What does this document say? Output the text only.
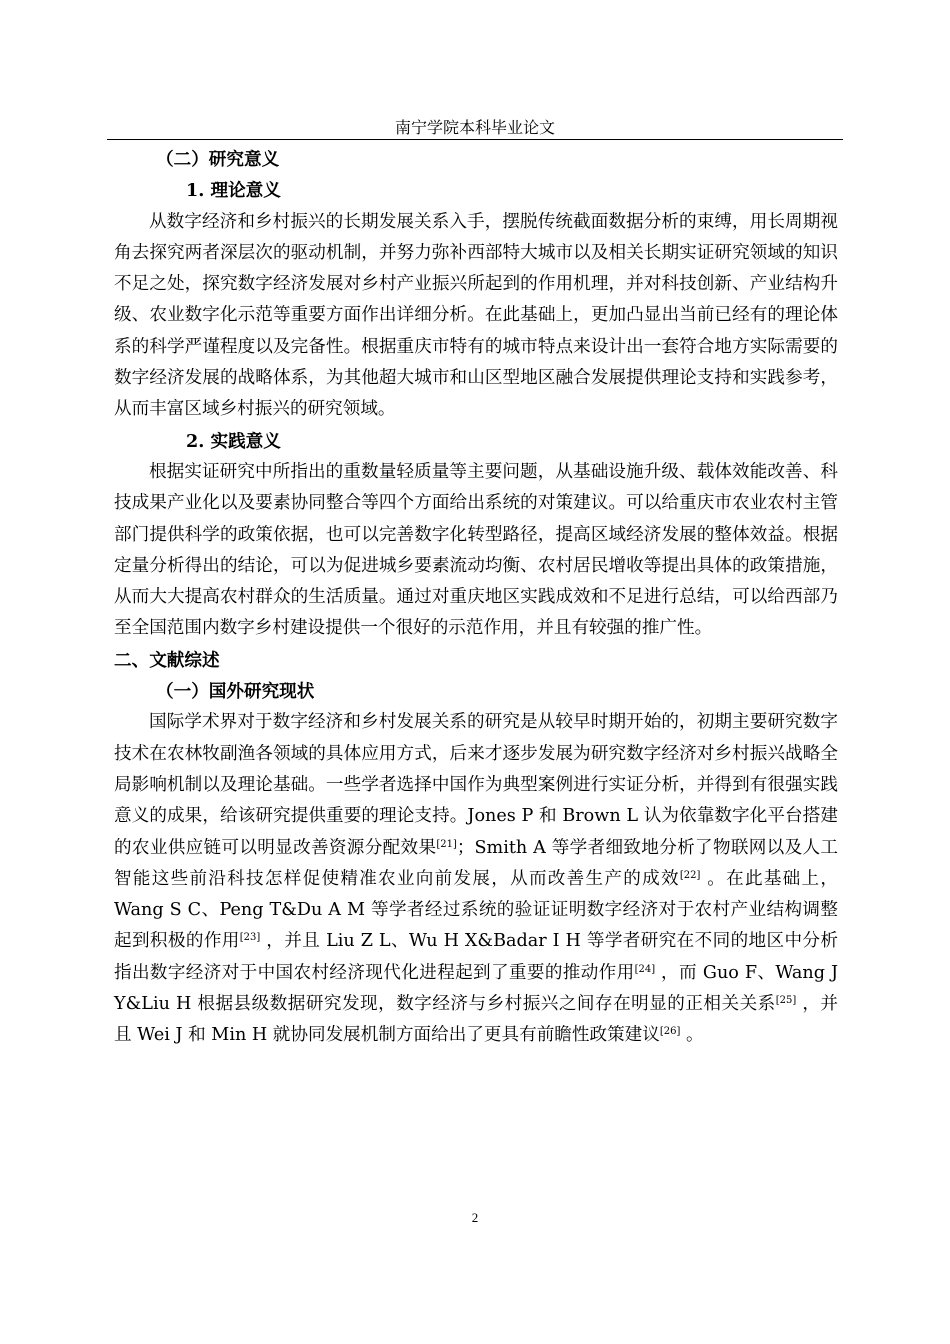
南宁学院本科毕业论文
（二）研究意义
1. 理论意义

从数字经济和乡村振兴的长期发展关系入手，摆脱传统截面数据分析的束缚，用长周期视角去探究两者深层次的驱动机制，并努力弥补西部特大城市以及相关长期实证研究领域的知识不足之处，探究数字经济发展对乡村产业振兴所起到的作用机理，并对科技创新、产业结构升级、农业数字化示范等重要方面作出详细分析。在此基础上，更加凸显出当前已经有的理论体系的科学严谨程度以及完备性。根据重庆市特有的城市特点来设计出一套符合地方实际需要的数字经济发展的战略体系，为其他超大城市和山区型地区融合发展提供理论支持和实践参考，从而丰富区域乡村振兴的研究领域。

2. 实践意义

根据实证研究中所指出的重数量轻质量等主要问题，从基础设施升级、载体效能改善、科技成果产业化以及要素协同整合等四个方面给出系统的对策建议。可以给重庆市农业农村主管部门提供科学的政策依据，也可以完善数字化转型路径，提高区域经济发展的整体效益。根据定量分析得出的结论，可以为促进城乡要素流动均衡、农村居民增收等提出具体的政策措施，从而大大提高农村群众的生活质量。通过对重庆地区实践成效和不足进行总结，可以给西部乃至全国范围内数字乡村建设提供一个很好的示范作用，并且有较强的推广性。

二、文献综述
（一）国外研究现状

国际学术界对于数字经济和乡村发展关系的研究是从较早时期开始的，初期主要研究数字技术在农林牧副渔各领域的具体应用方式，后来才逐步发展为研究数字经济对乡村振兴战略全局影响机制以及理论基础。一些学者选择中国作为典型案例进行实证分析，并得到有很强实践意义的成果，给该研究提供重要的理论支持。Jones P 和 Brown L 认为依靠数字化平台搭建的农业供应链可以明显改善资源分配效果[21]；Smith A 等学者细致地分析了物联网以及人工智能这些前沿科技怎样促使精准农业向前发展，从而改善生产的成效[22] 。在此基础上，Wang S C、Peng T&Du A M 等学者经过系统的验证证明数字经济对于农村产业结构调整起到积极的作用[23] ，并且 Liu Z L、Wu H X&Badar I H 等学者研究在不同的地区中分析指出数字经济对于中国农村经济现代化进程起到了重要的推动作用[24] ，而 Guo F、Wang J Y&Liu H 根据县级数据研究发现，数字经济与乡村振兴之间存在明显的正相关关系[25] ，并且 Wei J 和 Min H 就协同发展机制方面给出了更具有前瞻性政策建议[26] 。

2
